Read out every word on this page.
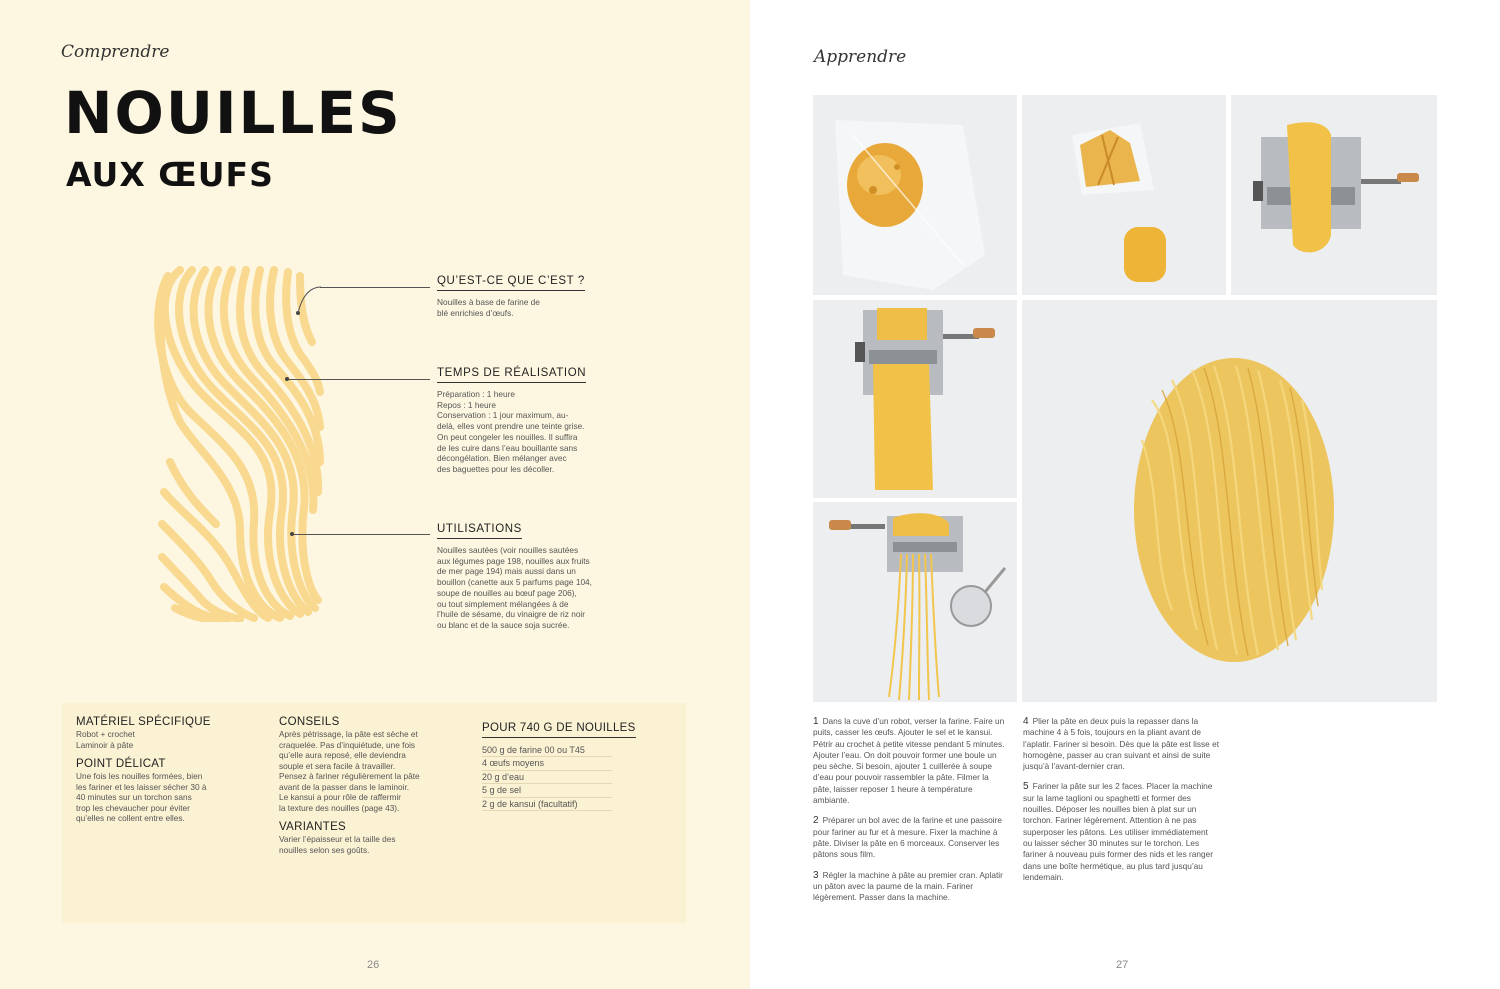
Comprendre
NOUILLES
AUX ŒUFS
QU’EST-CE QUE C’EST ?

Nouilles à base de farine de
blé enrichies d’œufs.

TEMPS DE RÉALISATION

Préparation : 1 heure
Repos : 1 heure
Conservation : 1 jour maximum, au-
delà, elles vont prendre une teinte grise.
On peut congeler les nouilles. Il suffira
de les cuire dans l’eau bouillante sans
décongélation. Bien mélanger avec
des baguettes pour les décoller.

UTILISATIONS

Nouilles sautées (voir nouilles sautées
aux légumes page 198, nouilles aux fruits
de mer page 194) mais aussi dans un
bouillon (canette aux 5 parfums page 104,
soupe de nouilles au bœuf page 206),
ou tout simplement mélangées à de
l’huile de sésame, du vinaigre de riz noir
ou blanc et de la sauce soja sucrée.

MATÉRIEL SPÉCIFIQUE

Robot + crochet
Laminoir à pâte

POINT DÉLICAT

Une fois les nouilles formées, bien
les fariner et les laisser sécher 30 à
40 minutes sur un torchon sans
trop les chevaucher pour éviter
qu’elles ne collent entre elles.

CONSEILS

Après pétrissage, la pâte est sèche et
craquelée. Pas d’inquiétude, une fois
qu’elle aura reposé, elle deviendra
souple et sera facile à travailler.
Pensez à fariner régulièrement la pâte
avant de la passer dans le laminoir.
Le kansui a pour rôle de raffermir
la texture des nouilles (page 43).

VARIANTES

Varier l’épaisseur et la taille des
nouilles selon ses goûts.

POUR 740 G DE NOUILLES
500 g de farine 00 ou T45
4 œufs moyens
20 g d’eau
5 g de sel
2 g de kansui (facultatif)
26
Apprendre

1 Dans la cuve d’un robot, verser la farine. Faire un puits, casser les œufs. Ajouter le sel et le kansui. Pétrir au crochet à petite vitesse pendant 5 minutes. Ajouter l’eau. On doit pouvoir former une boule un peu sèche. Si besoin, ajouter 1 cuillerée à soupe d’eau pour pouvoir rassembler la pâte. Filmer la pâte, laisser reposer 1 heure à température ambiante.

2 Préparer un bol avec de la farine et une passoire pour fariner au fur et à mesure. Fixer la machine à pâte. Diviser la pâte en 6 morceaux. Conserver les pâtons sous film.

3 Régler la machine à pâte au premier cran. Aplatir un pâton avec la paume de la main. Fariner légèrement. Passer dans la machine.

4 Plier la pâte en deux puis la repasser dans la machine 4 à 5 fois, toujours en la pliant avant de l’aplatir. Fariner si besoin. Dès que la pâte est lisse et homogène, passer au cran suivant et ainsi de suite jusqu’à l’avant-dernier cran.

5 Fariner la pâte sur les 2 faces. Placer la machine sur la lame taglioni ou spaghetti et former des nouilles. Déposer les nouilles bien à plat sur un torchon. Fariner légèrement. Attention à ne pas superposer les pâtons. Les utiliser immédiatement ou laisser sécher 30 minutes sur le torchon. Les fariner à nouveau puis former des nids et les ranger dans une boîte hermétique, au plus tard jusqu’au lendemain.

27
